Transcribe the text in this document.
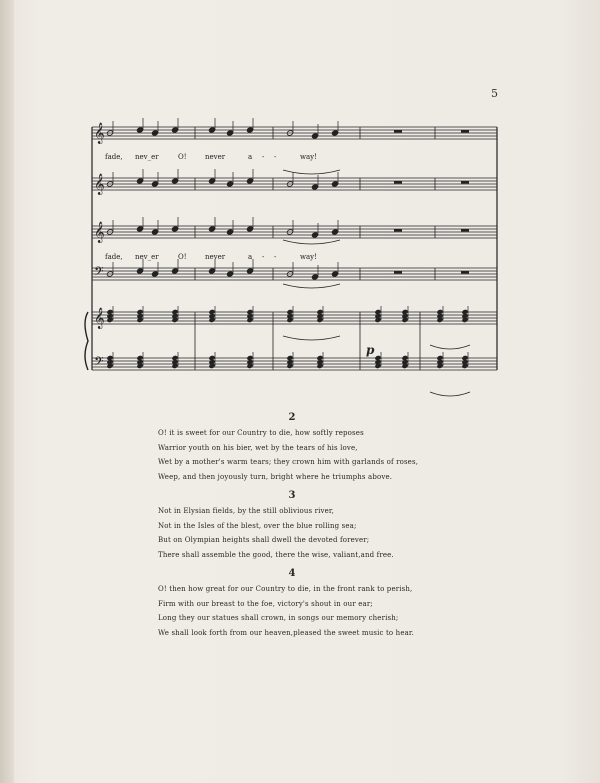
5
𝄞
𝄞
𝄞
𝄞
𝄢
𝄢
fade, nev_er	O!	never	a - -	way!
fade, nev_er	O!	never	a - -	way!
p
2
O! it is sweet for our Country to die, how softly reposes
Warrior youth on his bier, wet by the tears of his love,
Wet by a mother's warm tears; they crown him with garlands of roses,
Weep, and then joyously turn, bright where he triumphs above.
3
Not in Elysian fields, by the still oblivious river,
Not in the Isles of the blest, over the blue rolling sea;
But on Olympian heights shall dwell the devoted forever;
There shall assemble the good, there the wise, valiant,and free.
4
O! then how great for our Country to die, in the front rank to perish,
Firm with our breast to the foe, victory's shout in our ear;
Long they our statues shall crown, in songs our memory cherish;
We shall look forth from our heaven,pleased the sweet music to hear.
